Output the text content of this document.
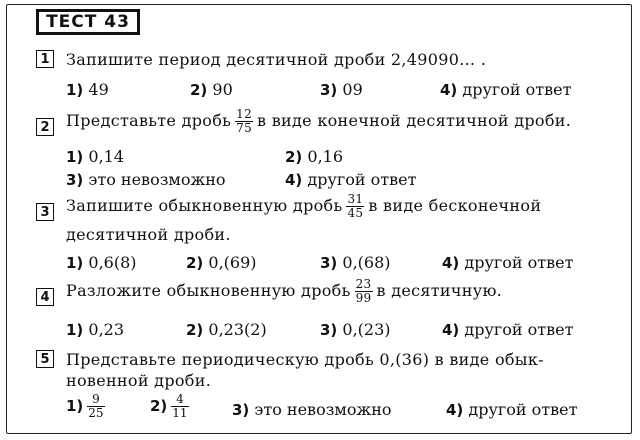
ТЕСТ 43
1 Запишите период десятичной дроби 2,49090… .
1) 49	2) 90	3) 09	4) другой ответ
2 Представьте дробь $\frac{12}{75}$ в виде конечной десятичной дроби.
1) 0,14	2) 0,16
3) это невозможно	4) другой ответ
3 Запишите обыкновенную дробь $\frac{31}{45}$ в виде бесконечной
десятичной дроби.
1) 0,6(8)	2) 0,(69)	3) 0,(68)	4) другой ответ
4 Разложите обыкновенную дробь $\frac{23}{99}$ в десятичную.
1) 0,23	2) 0,23(2)	3) 0,(23)	4) другой ответ
5 Представьте периодическую дробь 0,(36) в виде обык-
новенной дроби.
$1) \frac{9}{25}$	$2) \frac{4}{11}$	3) это невозможно	4) другой ответ
